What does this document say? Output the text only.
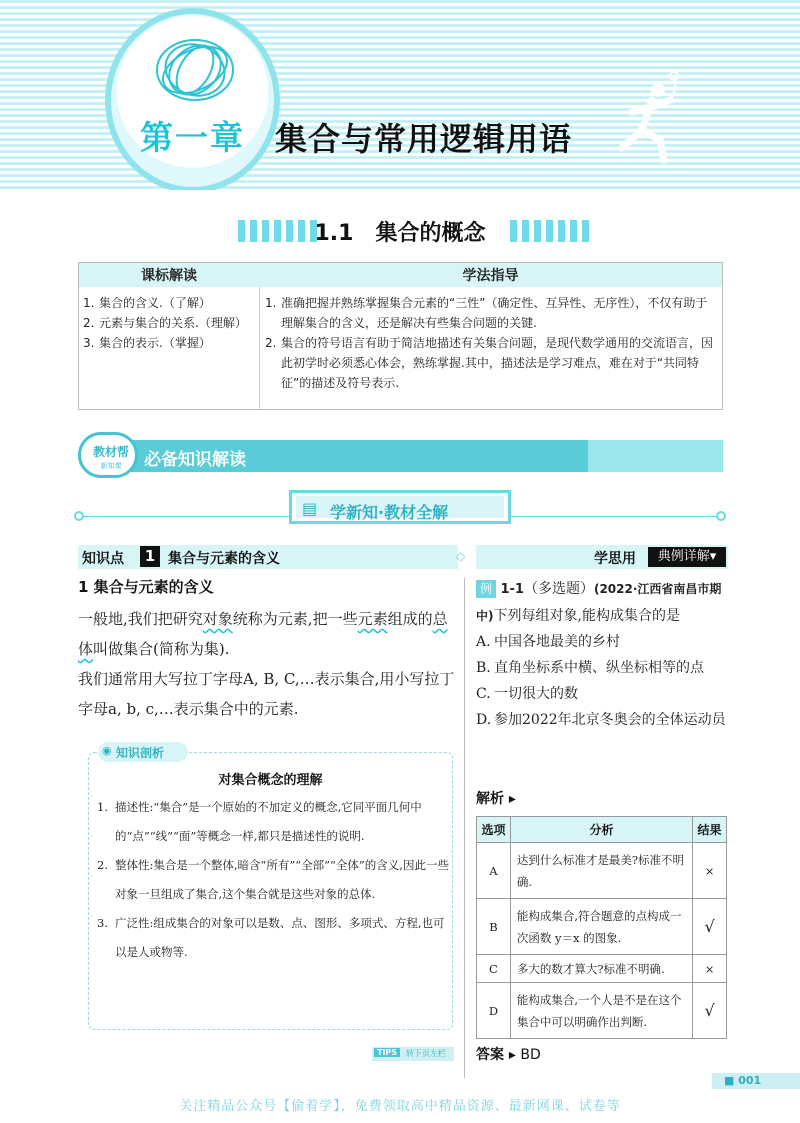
第一章 集合与常用逻辑用语
1.1　集合的概念
课标解读	学法指导
1. 集合的含义.（了解）
2. 元素与集合的关系.（理解）
3. 集合的表示.（掌握）
1. 准确把握并熟练掌握集合元素的“三性”（确定性、互异性、无序性），不仅有助于理解集合的含义，还是解决有些集合问题的关键.
2. 集合的符号语言有助于简洁地描述有关集合问题，是现代数学通用的交流语言，因此初学时必须悉心体会，熟练掌握.其中，描述法是学习难点，难在对于“共同特征”的描述及符号表示.
教材帮
新知课	必备知识解读
▤ 学新知·教材全解
知识点	1 集合与元素的含义	◇	学思用	典例详解▾
1 集合与元素的含义

一般地,我们把研究对象统称为元素,把一些元素组成的总体叫做集合(简称为集).

我们通常用大写拉丁字母A, B, C,…表示集合,用小写拉丁字母a, b, c,…表示集合中的元素.

对集合概念的理解
1. 描述性:“集合”是一个原始的不加定义的概念,它同平面几何中的“点”“线”“面”等概念一样,都只是描述性的说明.
2. 整体性:集合是一个整体,暗含“所有”“全部”“全体”的含义,因此一些对象一旦组成了集合,这个集合就是这些对象的总体.
3. 广泛性:组成集合的对象可以是数、点、图形、多项式、方程,也可以是人或物等.
◉ 知识剖析
TIPS	转下页左栏
例 1-1（多选题）(2022·江西省南昌市期中)下列每组对象,能构成集合的是
A. 中国各地最美的乡村
B. 直角坐标系中横、纵坐标相等的点
C. 一切很大的数
D. 参加2022年北京冬奥会的全体运动员
解析 ▸
选项	分析	结果
A	达到什么标准才是最美?标准不明确.	×
B	能构成集合,符合题意的点构成一次函数 y＝x 的图象.	√
C	多大的数才算大?标准不明确.	×
D	能构成集合,一个人是不是在这个集合中可以明确作出判断.	√
答案 ▸ BD
■ 001
关注精品公众号【偷着学】，免费领取高中精品资源、最新网课、试卷等
